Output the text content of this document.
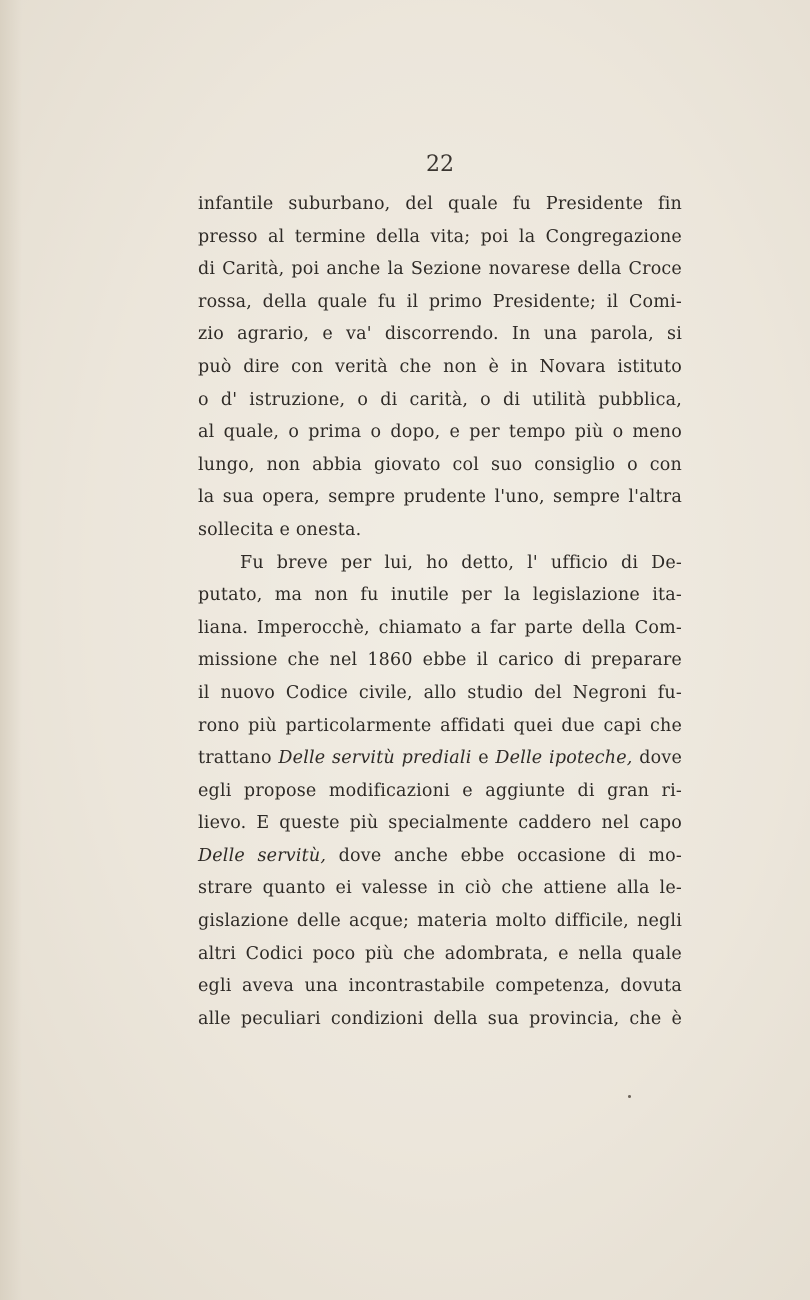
22
infantile suburbano, del quale fu Presidente fin
presso al termine della vita; poi la Congregazione
di Carità, poi anche la Sezione novarese della Croce
rossa, della quale fu il primo Presidente; il Comi-
zio agrario, e va' discorrendo. In una parola, si
può dire con verità che non è in Novara istituto
o d' istruzione, o di carità, o di utilità pubblica,
al quale, o prima o dopo, e per tempo più o meno
lungo, non abbia giovato col suo consiglio o con
la sua opera, sempre prudente l'uno, sempre l'altra
sollecita e onesta.
Fu breve per lui, ho detto, l' ufficio di De-
putato, ma non fu inutile per la legislazione ita-
liana. Imperocchè, chiamato a far parte della Com-
missione che nel 1860 ebbe il carico di preparare
il nuovo Codice civile, allo studio del Negroni fu-
rono più particolarmente affidati quei due capi che
trattano Delle servitù prediali e Delle ipoteche, dove
egli propose modificazioni e aggiunte di gran ri-
lievo. E queste più specialmente caddero nel capo
Delle servitù, dove anche ebbe occasione di mo-
strare quanto ei valesse in ciò che attiene alla le-
gislazione delle acque; materia molto difficile, negli
altri Codici poco più che adombrata, e nella quale
egli aveva una incontrastabile competenza, dovuta
alle peculiari condizioni della sua provincia, che è
